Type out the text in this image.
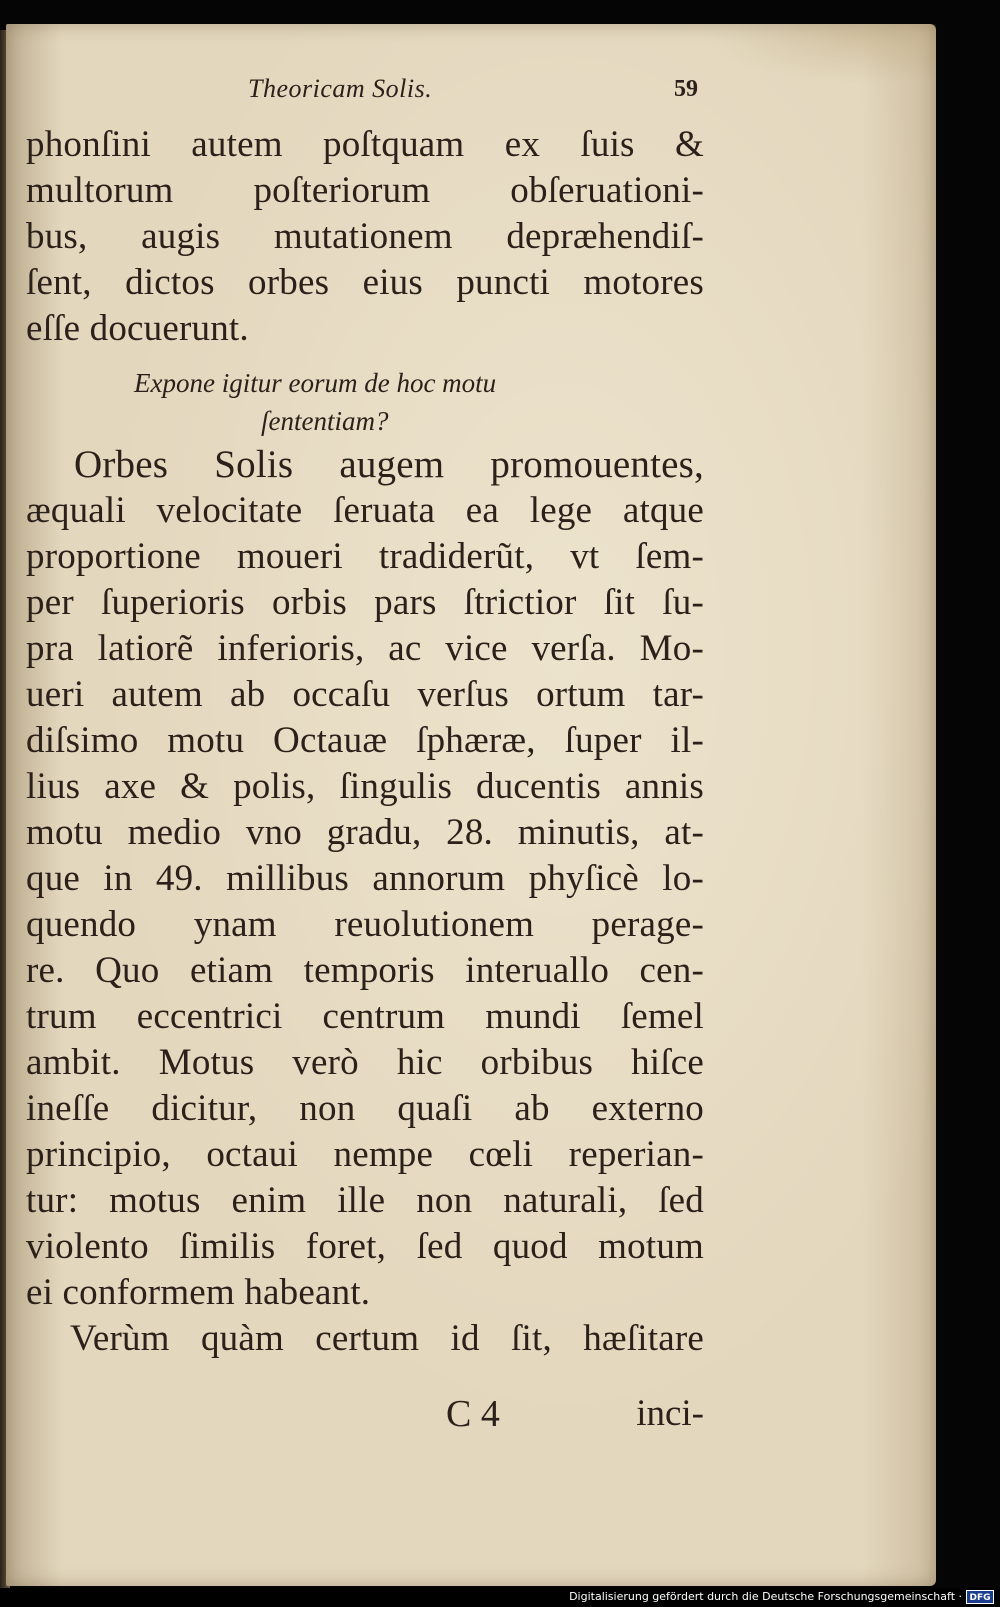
Theoricam Solis.	59
phonſini autem poſtquam ex ſuis &
multorum poſteriorum obſeruationi-
bus, augis mutationem depræhendiſ-
ſent, dictos orbes eius puncti motores
eſſe docuerunt.
Expone igitur eorum de hoc motu
ſententiam?
Orbes Solis augem promouentes,
æquali velocitate ſeruata ea lege atque
proportione moueri tradiderũt, vt ſem-
per ſuperioris orbis pars ſtrictior ſit ſu-
pra latiorẽ inferioris, ac vice verſa. Mo-
ueri autem ab occaſu verſus ortum tar-
diſsimo motu Octauæ ſphæræ, ſuper il-
lius axe & polis, ſingulis ducentis annis
motu medio vno gradu, 28. minutis, at-
que in 49. millibus annorum phyſicè lo-
quendo ynam reuolutionem perage-
re. Quo etiam temporis interuallo cen-
trum eccentrici centrum mundi ſemel
ambit. Motus verò hic orbibus hiſce
ineſſe dicitur, non quaſi ab externo
principio, octaui nempe cœli reperian-
tur: motus enim ille non naturali, ſed
violento ſimilis foret, ſed quod motum
ei conformem habeant.
Verùm quàm certum id ſit, hæſitare
C 4	inci-
Digitalisierung gefördert durch die Deutsche Forschungsgemeinschaft · DFG
